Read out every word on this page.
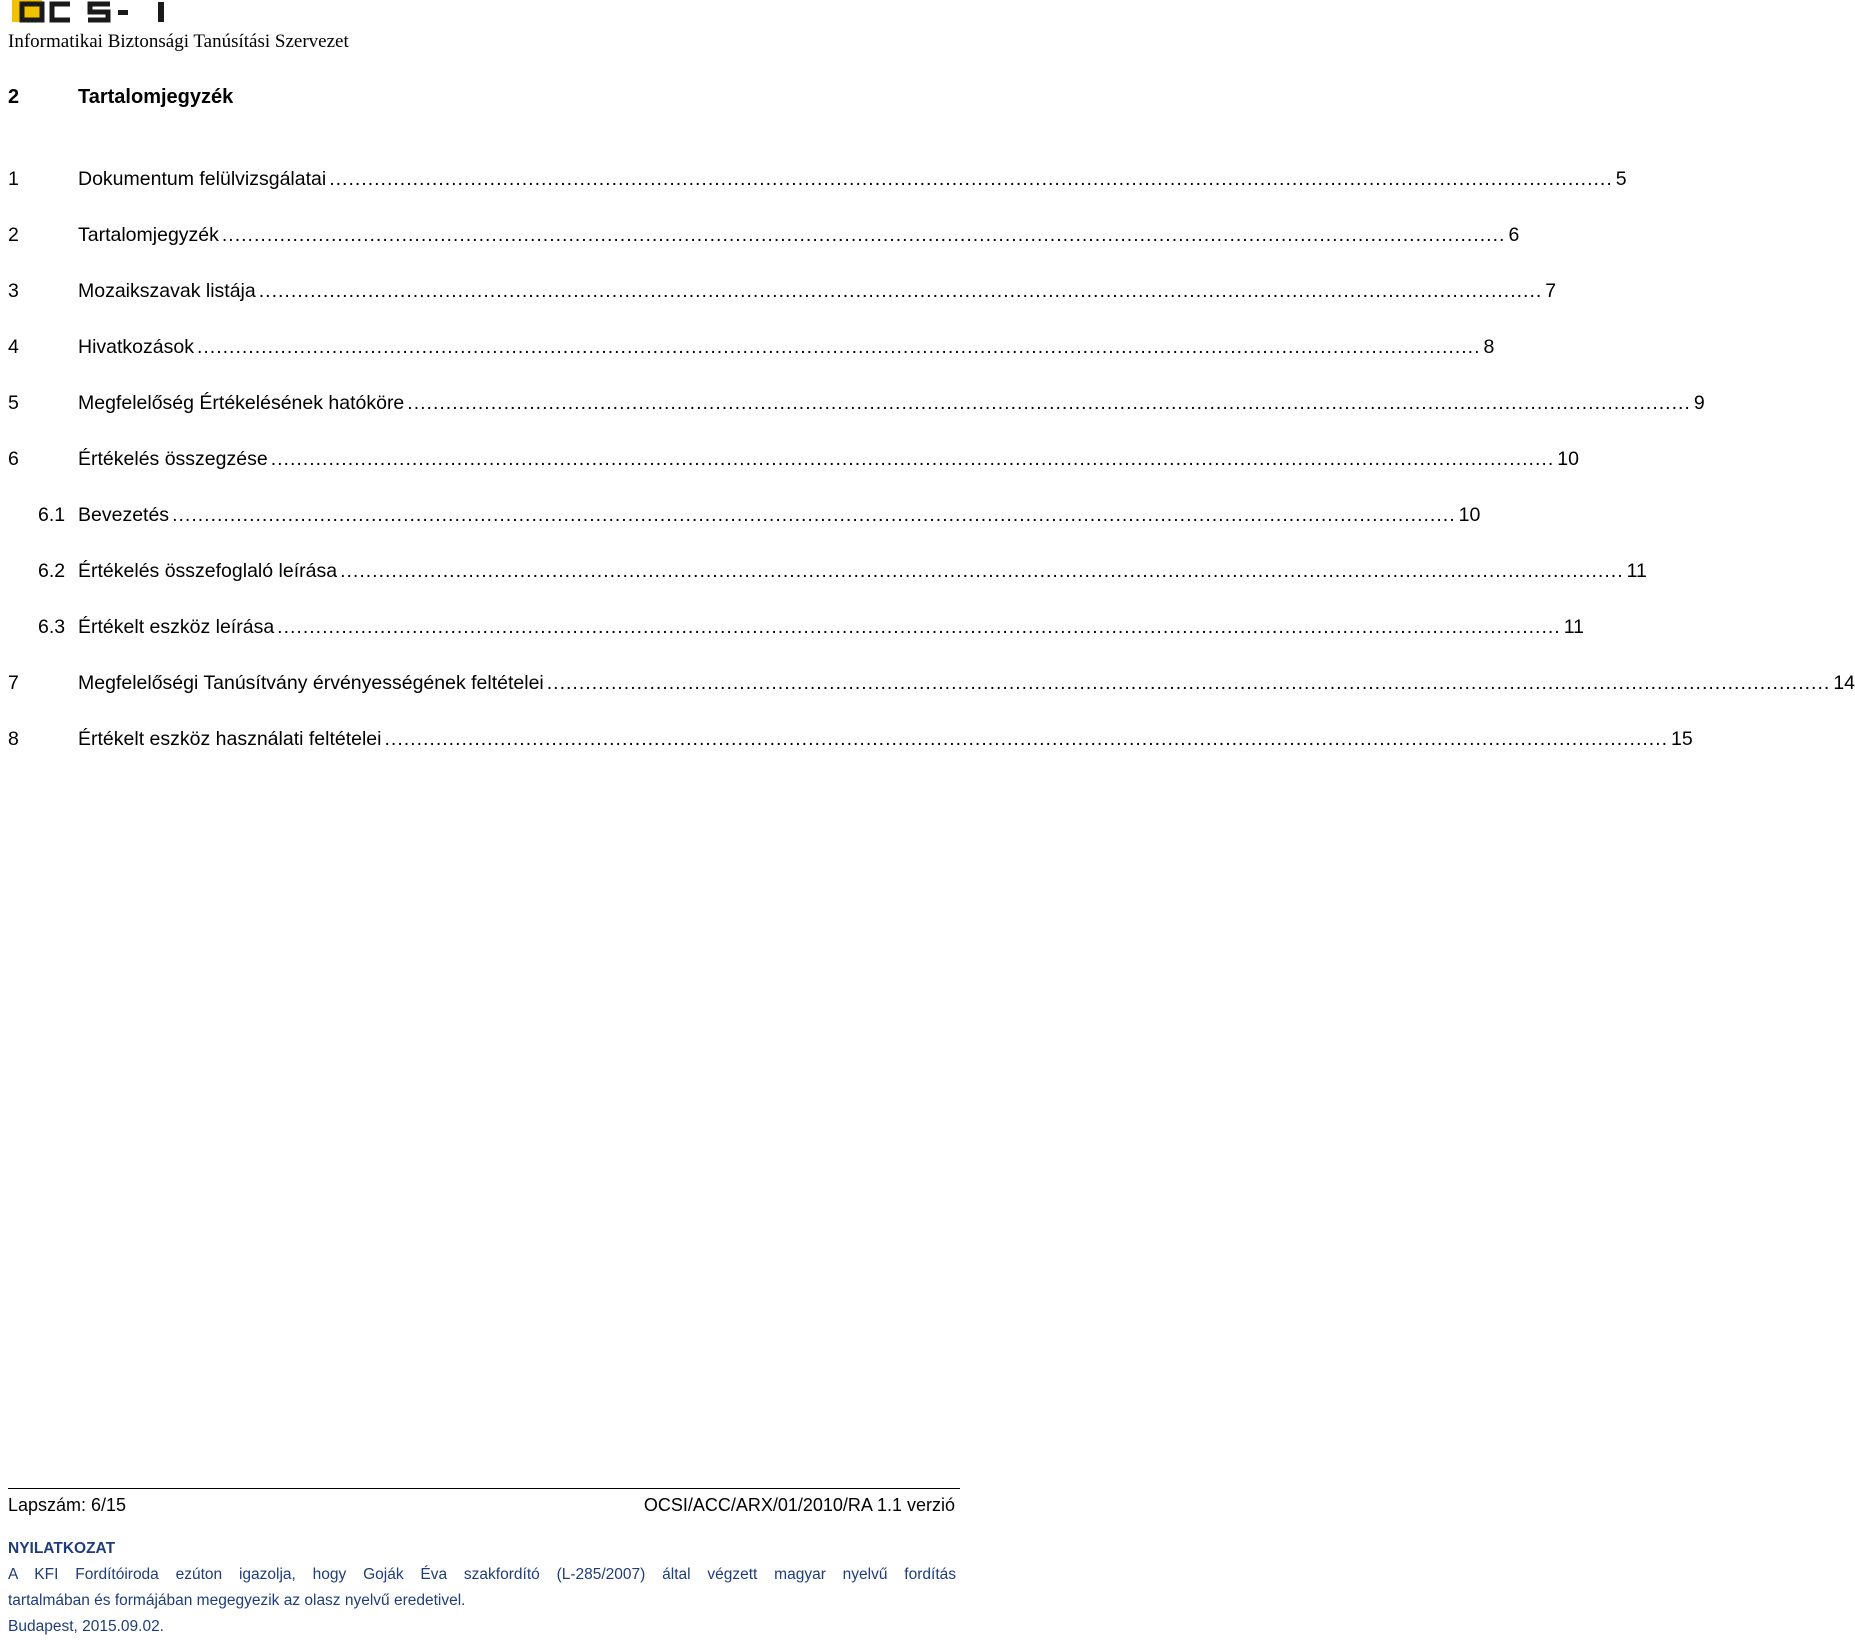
Informatikai Biztonsági Tanúsítási Szervezet
2	Tartalomjegyzék
1	Dokumentum felülvizsgálatai ........................................................................................................................................................................................................ 5
2	Tartalomjegyzék ........................................................................................................................................................................................................ 6
3	Mozaikszavak listája ........................................................................................................................................................................................................ 7
4	Hivatkozások ........................................................................................................................................................................................................ 8
5	Megfelelőség Értékelésének hatóköre ........................................................................................................................................................................................................ 9
6	Értékelés összegzése ........................................................................................................................................................................................................ 10
6.1 Bevezetés ........................................................................................................................................................................................................ 10
6.2 Értékelés összefoglaló leírása ........................................................................................................................................................................................................ 11
6.3 Értékelt eszköz leírása ........................................................................................................................................................................................................ 11
7	Megfelelőségi Tanúsítvány érvényességének feltételei ........................................................................................................................................................................................................ 14
8	Értékelt eszköz használati feltételei ........................................................................................................................................................................................................ 15
Lapszám: 6/15	OCSI/ACC/ARX/01/2010/RA 1.1 verzió
NYILATKOZAT
A KFI Fordítóiroda ezúton igazolja, hogy Goják Éva szakfordító (L-285/2007) által végzett magyar nyelvű fordítás
tartalmában és formájában megegyezik az olasz nyelvű eredetivel.
Budapest, 2015.09.02.
